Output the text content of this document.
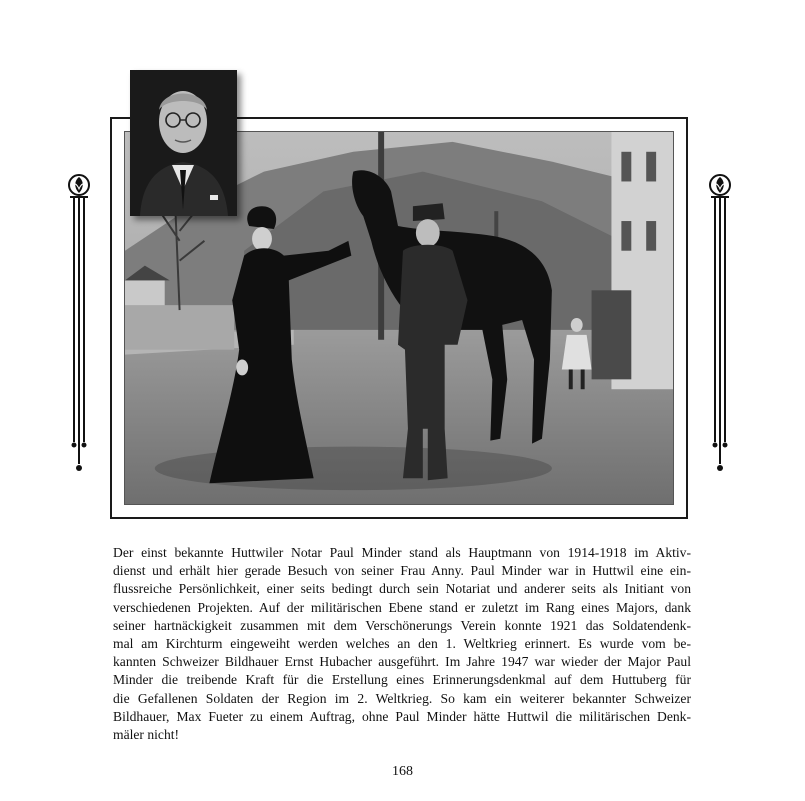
Der einst bekannte Huttwiler Notar Paul Minder stand als Hauptmann von 1914-1918 im Aktiv-
dienst und erhält hier gerade Besuch von seiner Frau Anny. Paul Minder war in Huttwil eine ein-
flussreiche Persönlichkeit, einer seits bedingt durch sein Notariat und anderer seits als Initiant von
verschiedenen Projekten. Auf der militärischen Ebene stand er zuletzt im Rang eines Majors, dank
seiner hartnäckigkeit zusammen mit dem Verschönerungs Verein konnte 1921 das Soldatendenk-
mal am Kirchturm eingeweiht werden welches an den 1. Weltkrieg erinnert. Es wurde vom be-
kannten Schweizer Bildhauer Ernst Hubacher ausgeführt. Im Jahre 1947 war wieder der Major Paul
Minder die treibende Kraft für die Erstellung eines Erinnerungsdenkmal auf dem Huttuberg für
die Gefallenen Soldaten der Region im 2. Weltkrieg. So kam ein weiterer bekannter Schweizer
Bildhauer, Max Fueter zu einem Auftrag, ohne Paul Minder hätte Huttwil die militärischen Denk-
mäler nicht!
168
